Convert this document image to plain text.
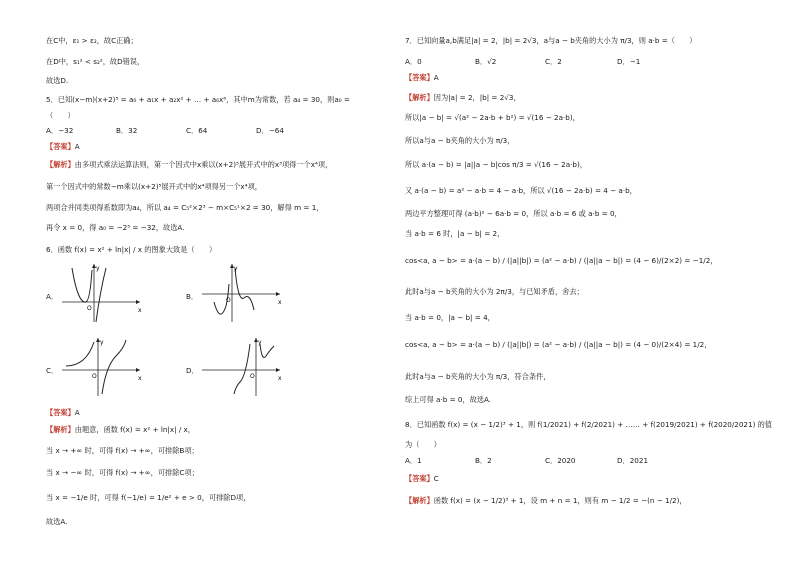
在C中，ε₁ > ε₂，故C正确；
在D中，s₁² < s₂²，故D错误，
故选D.
5．已知(x−m)(x+2)⁵ = a₀ + a₁x + a₂x² + … + a₆x⁶，其中m为常数，若 a₄ = 30，则a₀ =
（　　）
A．−32	B．32	C．64	D．−64
【答案】A
【解析】由多项式乘法运算法则，第一个因式中x乘以(x+2)⁵展开式中的x³项得一个x⁴项，
第一个因式中的常数−m乘以(x+2)⁵展开式中的x⁴项得另一个x⁴项，
两项合并同类项得系数即为a₄，所以 a₄ = C₅²×2³ − m×C₅¹×2 = 30，解得 m = 1，
再令 x = 0，得 a₀ = −2⁵ = −32，故选A.
6．函数 f(x) = x² + ln|x| / x 的图象大致是（　　）
A．
x
y
O
B．
x
y
O
C．
x
y
O
D．
x
y
O
【答案】A
【解析】由题意，函数 f(x) = x² + ln|x| / x，
当 x → +∞ 时，可得 f(x) → +∞，可排除B项；
当 x → −∞ 时，可得 f(x) → +∞，可排除C项；
当 x = −1/e 时，可得 f(−1/e) = 1/e² + e > 0，可排除D项，
故选A.
7．已知向量a,b满足|a| = 2，|b| = 2√3，a与a − b夹角的大小为 π/3，则 a·b =（　　）
A．0	B．√2	C．2	D．−1
【答案】A
【解析】因为|a| = 2，|b| = 2√3，
所以|a − b| = √(a² − 2a·b + b²) = √(16 − 2a·b)，
所以a与a − b夹角的大小为 π/3，
所以 a·(a − b) = |a||a − b|cos π/3 = √(16 − 2a·b)，
又 a·(a − b) = a² − a·b = 4 − a·b，所以 √(16 − 2a·b) = 4 − a·b，
两边平方整理可得 (a·b)² − 6a·b = 0，所以 a·b = 6 或 a·b = 0，
当 a·b = 6 时，|a − b| = 2，
cos<a, a − b> = a·(a − b) / (|a||b|) = (a² − a·b) / (|a||a − b|) = (4 − 6)/(2×2) = −1/2，
此时a与a − b夹角的大小为 2π/3，与已知矛盾，舍去；
当 a·b = 0，|a − b| = 4，
cos<a, a − b> = a·(a − b) / (|a||b|) = (a² − a·b) / (|a||a − b|) = (4 − 0)/(2×4) = 1/2，
此时a与a − b夹角的大小为 π/3，符合条件，
综上可得 a·b = 0，故选A.
8．已知函数 f(x) = (x − 1/2)³ + 1，则 f(1/2021) + f(2/2021) + …… + f(2019/2021) + f(2020/2021) 的值
为（　　）
A．1	B．2	C．2020	D．2021
【答案】C
【解析】函数 f(x) = (x − 1/2)³ + 1，设 m + n = 1，则有 m − 1/2 = −(n − 1/2)，
